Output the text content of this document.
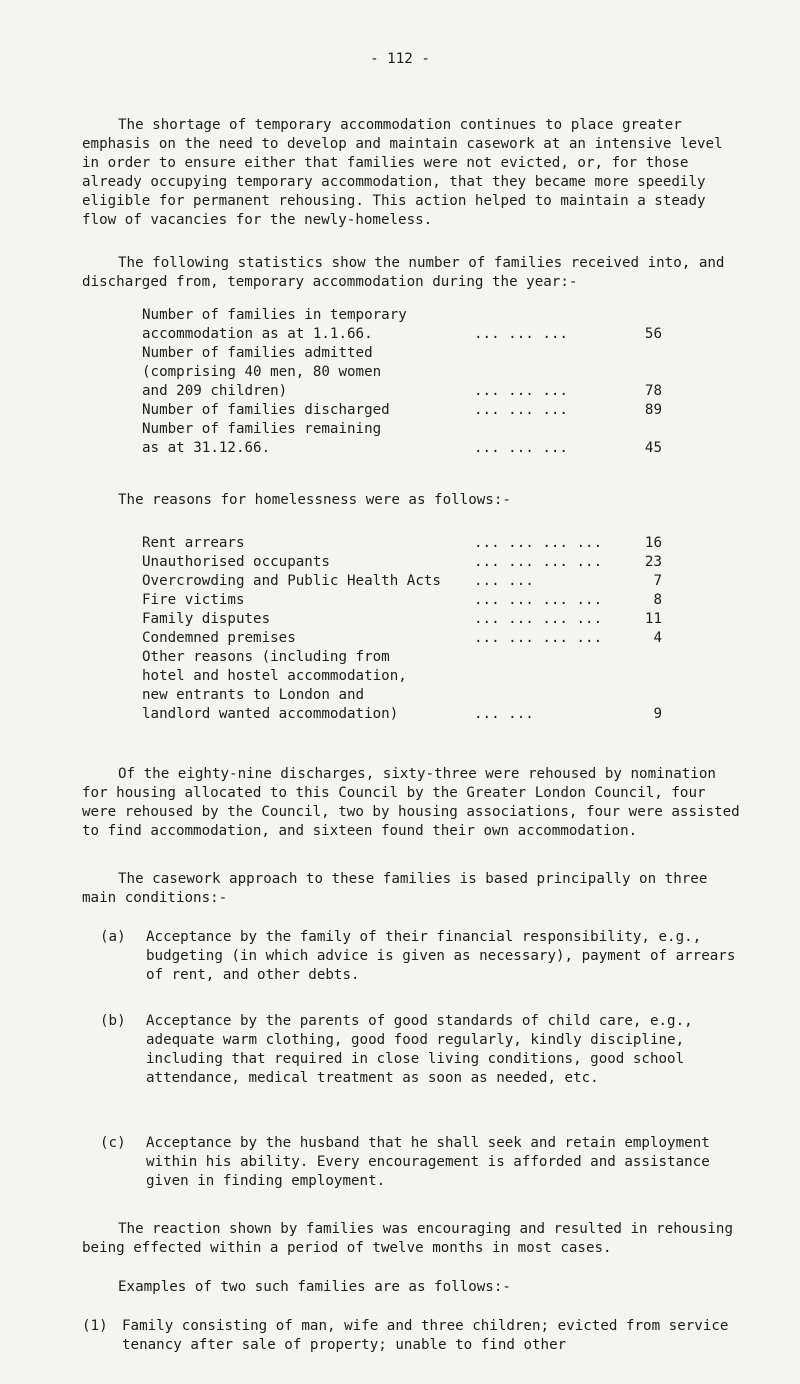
- 112 -
The shortage of temporary accommodation continues to place greater emphasis on the need to develop and maintain casework at an intensive level in order to ensure either that families were not evicted, or, for those already occupying temporary accommodation, that they became more speedily eligible for permanent rehousing. This action helped to maintain a steady flow of vacancies for the newly-homeless.
The following statistics show the number of families received into, and discharged from, temporary accommodation during the year:-
Number of families in temporary
accommodation as at 1.1.66.	... ... ...	56
Number of families admitted
(comprising 40 men, 80 women
and 209 children)	... ... ...	78
Number of families discharged	... ... ...	89
Number of families remaining
as at 31.12.66.	... ... ...	45
The reasons for homelessness were as follows:-
Rent arrears	... ... ... ...	16
Unauthorised occupants	... ... ... ...	23
Overcrowding and Public Health Acts	... ...	7
Fire victims	... ... ... ...	8
Family disputes	... ... ... ...	11
Condemned premises	... ... ... ...	4
Other reasons (including from
hotel and hostel accommodation,
new entrants to London and
landlord wanted accommodation)	... ...	9
Of the eighty-nine discharges, sixty-three were rehoused by nomination for housing allocated to this Council by the Greater London Council, four were rehoused by the Council, two by housing associations, four were assisted to find accommodation, and sixteen found their own accommodation.
The casework approach to these families is based principally on three main conditions:-
(a)	Acceptance by the family of their financial responsibility, e.g., budgeting (in which advice is given as necessary), payment of arrears of rent, and other debts.
(b)	Acceptance by the parents of good standards of child care, e.g., adequate warm clothing, good food regularly, kindly discipline, including that required in close living conditions, good school attendance, medical treatment as soon as needed, etc.
(c)	Acceptance by the husband that he shall seek and retain employment within his ability. Every encouragement is afforded and assistance given in finding employment.
The reaction shown by families was encouraging and resulted in rehousing being effected within a period of twelve months in most cases.
Examples of two such families are as follows:-
(1)	Family consisting of man, wife and three children; evicted from service tenancy after sale of property; unable to find other
